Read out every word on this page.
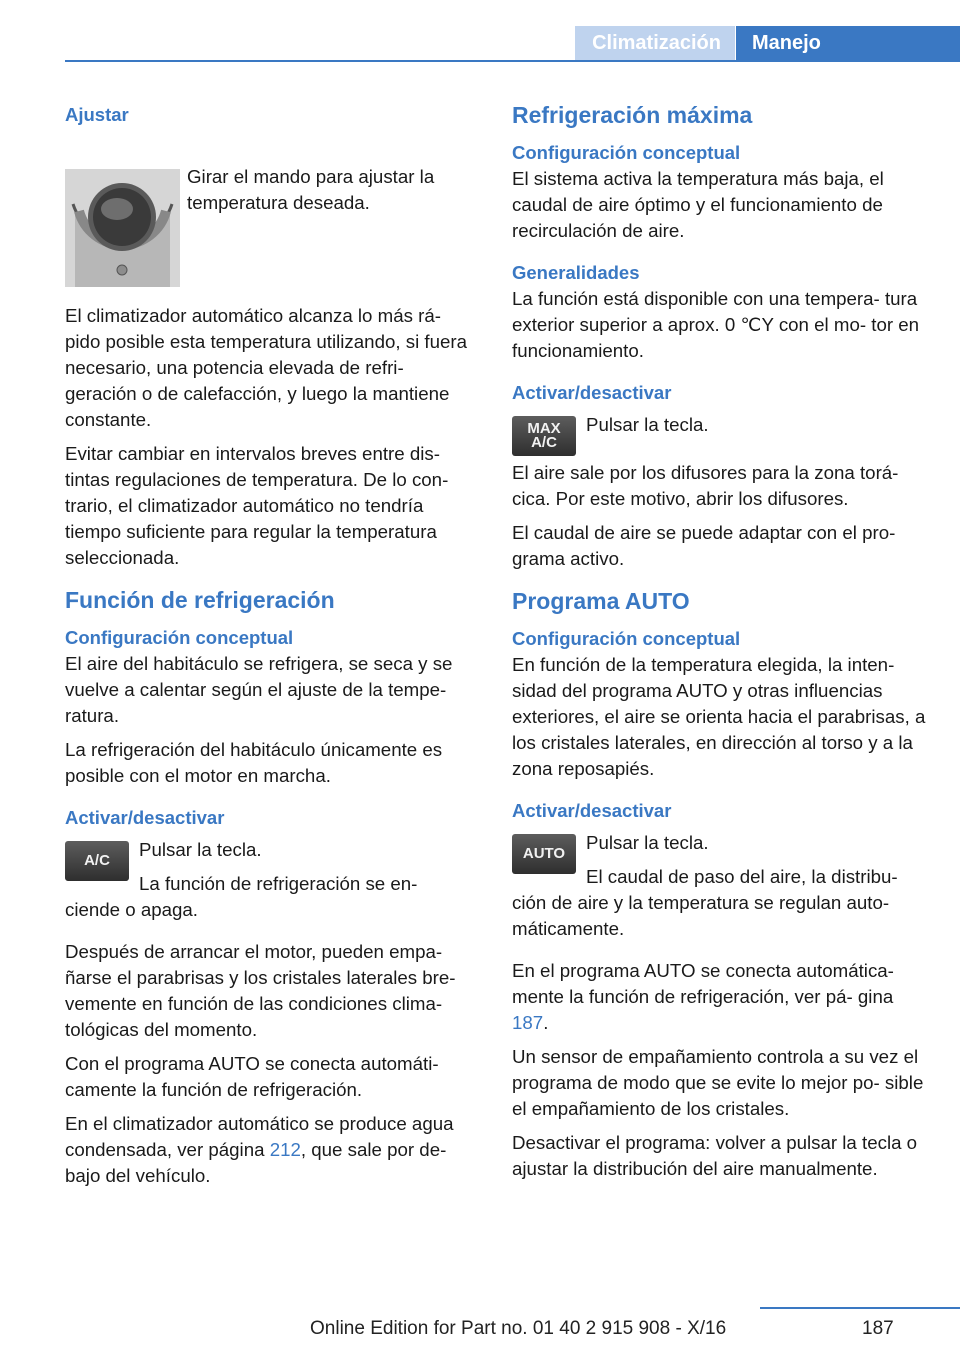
Climatización	Manejo
Ajustar

Girar el mando para ajustar la temperatura deseada.

El climatizador automático alcanza lo más rá‐ pido posible esta temperatura utilizando, si fuera necesario, una potencia elevada de refri‐ geración o de calefacción, y luego la mantiene constante.

Evitar cambiar en intervalos breves entre dis‐ tintas regulaciones de temperatura. De lo con‐ trario, el climatizador automático no tendría tiempo suficiente para regular la temperatura seleccionada.

Función de refrigeración
Configuración conceptual

El aire del habitáculo se refrigera, se seca y se vuelve a calentar según el ajuste de la tempe‐ ratura.

La refrigeración del habitáculo únicamente es posible con el motor en marcha.

Activar/desactivar
A/C

Pulsar la tecla.

La función de refrigeración se en‐ ciende o apaga.

Después de arrancar el motor, pueden empa‐ ñarse el parabrisas y los cristales laterales bre‐ vemente en función de las condiciones clima‐ tológicas del momento.

Con el programa AUTO se conecta automáti‐ camente la función de refrigeración.

En el climatizador automático se produce agua condensada, ver página 212, que sale por de‐ bajo del vehículo.

Refrigeración máxima
Configuración conceptual

El sistema activa la temperatura más baja, el caudal de aire óptimo y el funcionamiento de recirculación de aire.

Generalidades

La función está disponible con una tempera‐ tura exterior superior a aprox. 0 ℃Y con el mo‐ tor en funcionamiento.

Activar/desactivar
MAX
A/C

Pulsar la tecla.

El aire sale por los difusores para la zona torá‐ cica. Por este motivo, abrir los difusores.

El caudal de aire se puede adaptar con el pro‐ grama activo.

Programa AUTO
Configuración conceptual

En función de la temperatura elegida, la inten‐ sidad del programa AUTO y otras influencias exteriores, el aire se orienta hacia el parabrisas, a los cristales laterales, en dirección al torso y a la zona reposapiés.

Activar/desactivar
AUTO

Pulsar la tecla.

El caudal de paso del aire, la distribu‐ ción de aire y la temperatura se regulan auto‐ máticamente.

En el programa AUTO se conecta automática‐ mente la función de refrigeración, ver pá‐ gina 187.

Un sensor de empañamiento controla a su vez el programa de modo que se evite lo mejor po‐ sible el empañamiento de los cristales.

Desactivar el programa: volver a pulsar la tecla o ajustar la distribución del aire manualmente.

Online Edition for Part no. 01 40 2 915 908 - X/16	187
